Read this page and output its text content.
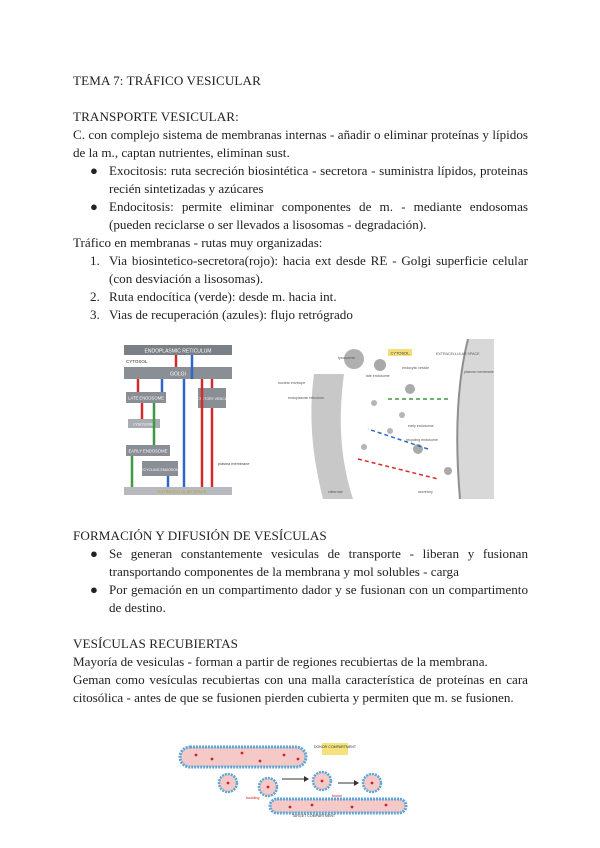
TEMA 7: TRÁFICO VESICULAR

TRANSPORTE VESICULAR:

C. con complejo sistema de membranas internas - añadir o eliminar proteínas y lípidos de la m., captan nutrientes, eliminan sust.

● Exocitosis: ruta secreción biosintética - secretora - suministra lípidos, proteinas recién sintetizadas y azúcares
● Endocitosis: permite eliminar componentes de m. - mediante endosomas (pueden reciclarse o ser llevados a lisosomas - degradación).

Tráfico en membranas - rutas muy organizadas:

1. Via biosintetico-secretora(rojo): hacia ext desde RE - Golgi superficie celular (con desviación a lisosomas).
2. Ruta endocítica (verde): desde m. hacia int.
3. Vias de recuperación (azules): flujo retrógrado
ENDOPLASMIC RETICULUM
CYTOSOL
GOLGI
LATE ENDOSOME
LYSOSOME
SECRETORY VESICLES
EARLY ENDOSOME
RECYCLING ENDOSOME
plasma membrane
EXTRACELLULAR SPACE
lysosome
late endosome
endocytic vesicle
CYTOSOL	EXTRACELLULAR SPACE
plasma membrane
nuclear envelope
endoplasmic reticulum
early endosome
recycling endosome
secretory
cisternae

FORMACIÓN Y DIFUSIÓN DE VESÍCULAS

● Se generan constantemente vesiculas de transporte - liberan y fusionan transportando componentes de la membrana y mol solubles - carga
● Por gemación en un compartimento dador y se fusionan con un compartimento de destino.

VESÍCULAS RECUBIERTAS

Mayoría de vesiculas - forman a partir de regiones recubiertas de la membrana.

Geman como vesículas recubiertas con una malla característica de proteínas en cara citosólica - antes de que se fusionen pierden cubierta y permiten que m. se fusionen.

DONOR COMPARTMENT
budding	fusion
TARGET COMPARTMENT
